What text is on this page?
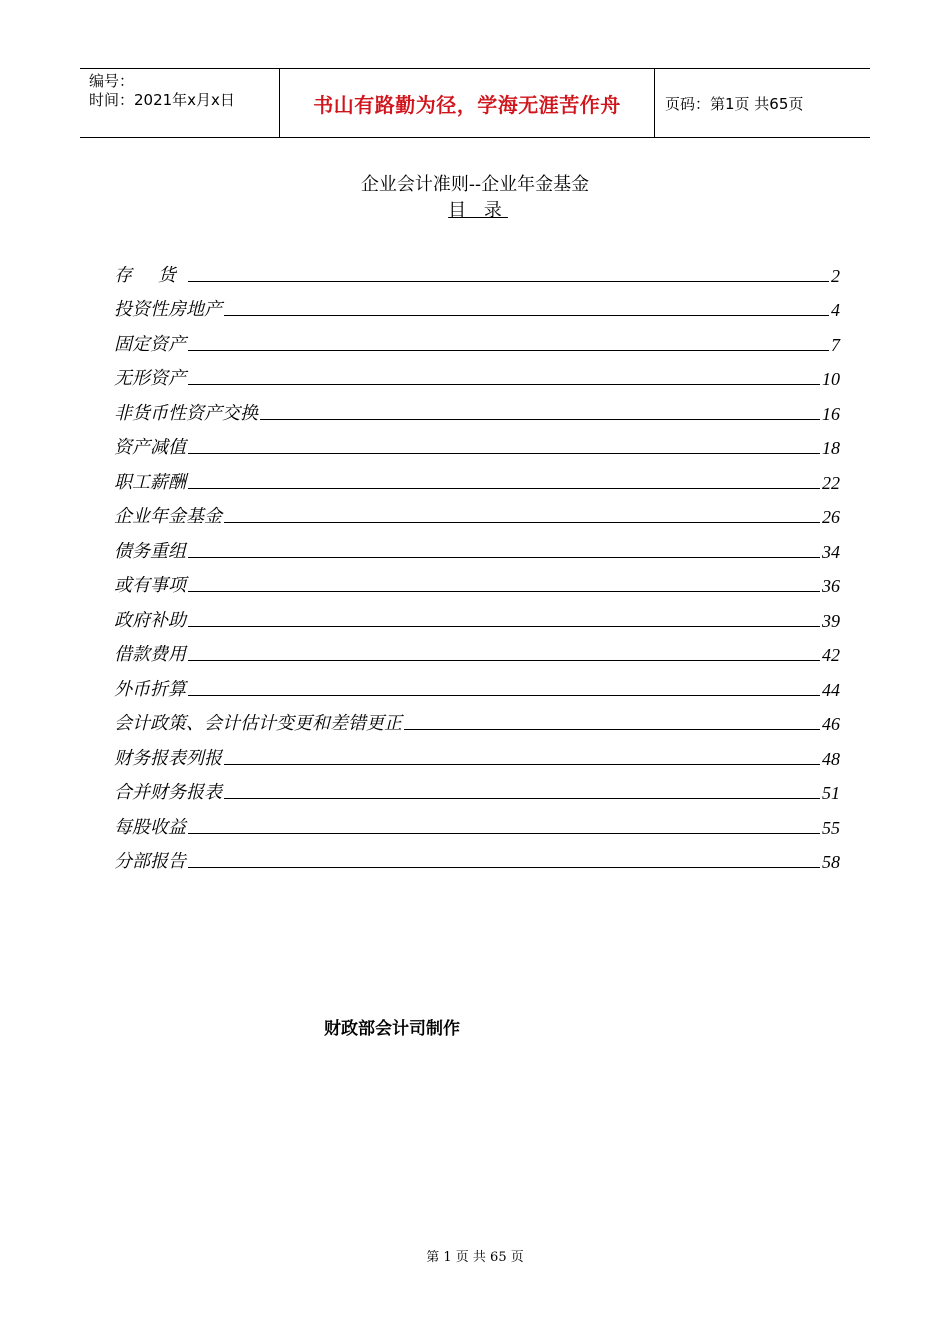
编号：
时间：2021年x月x日	书山有路勤为径，学海无涯苦作舟	页码：第1页 共65页
企业会计准则--企业年金基金
目 录
存 货	2
投资性房地产	4
固定资产	7
无形资产	10
非货币性资产交换	16
资产减值	18
职工薪酬	22
企业年金基金	26
债务重组	34
或有事项	36
政府补助	39
借款费用	42
外币折算	44
会计政策、会计估计变更和差错更正	46
财务报表列报	48
合并财务报表	51
每股收益	55
分部报告	58
财政部会计司制作
第 1 页 共 65 页
